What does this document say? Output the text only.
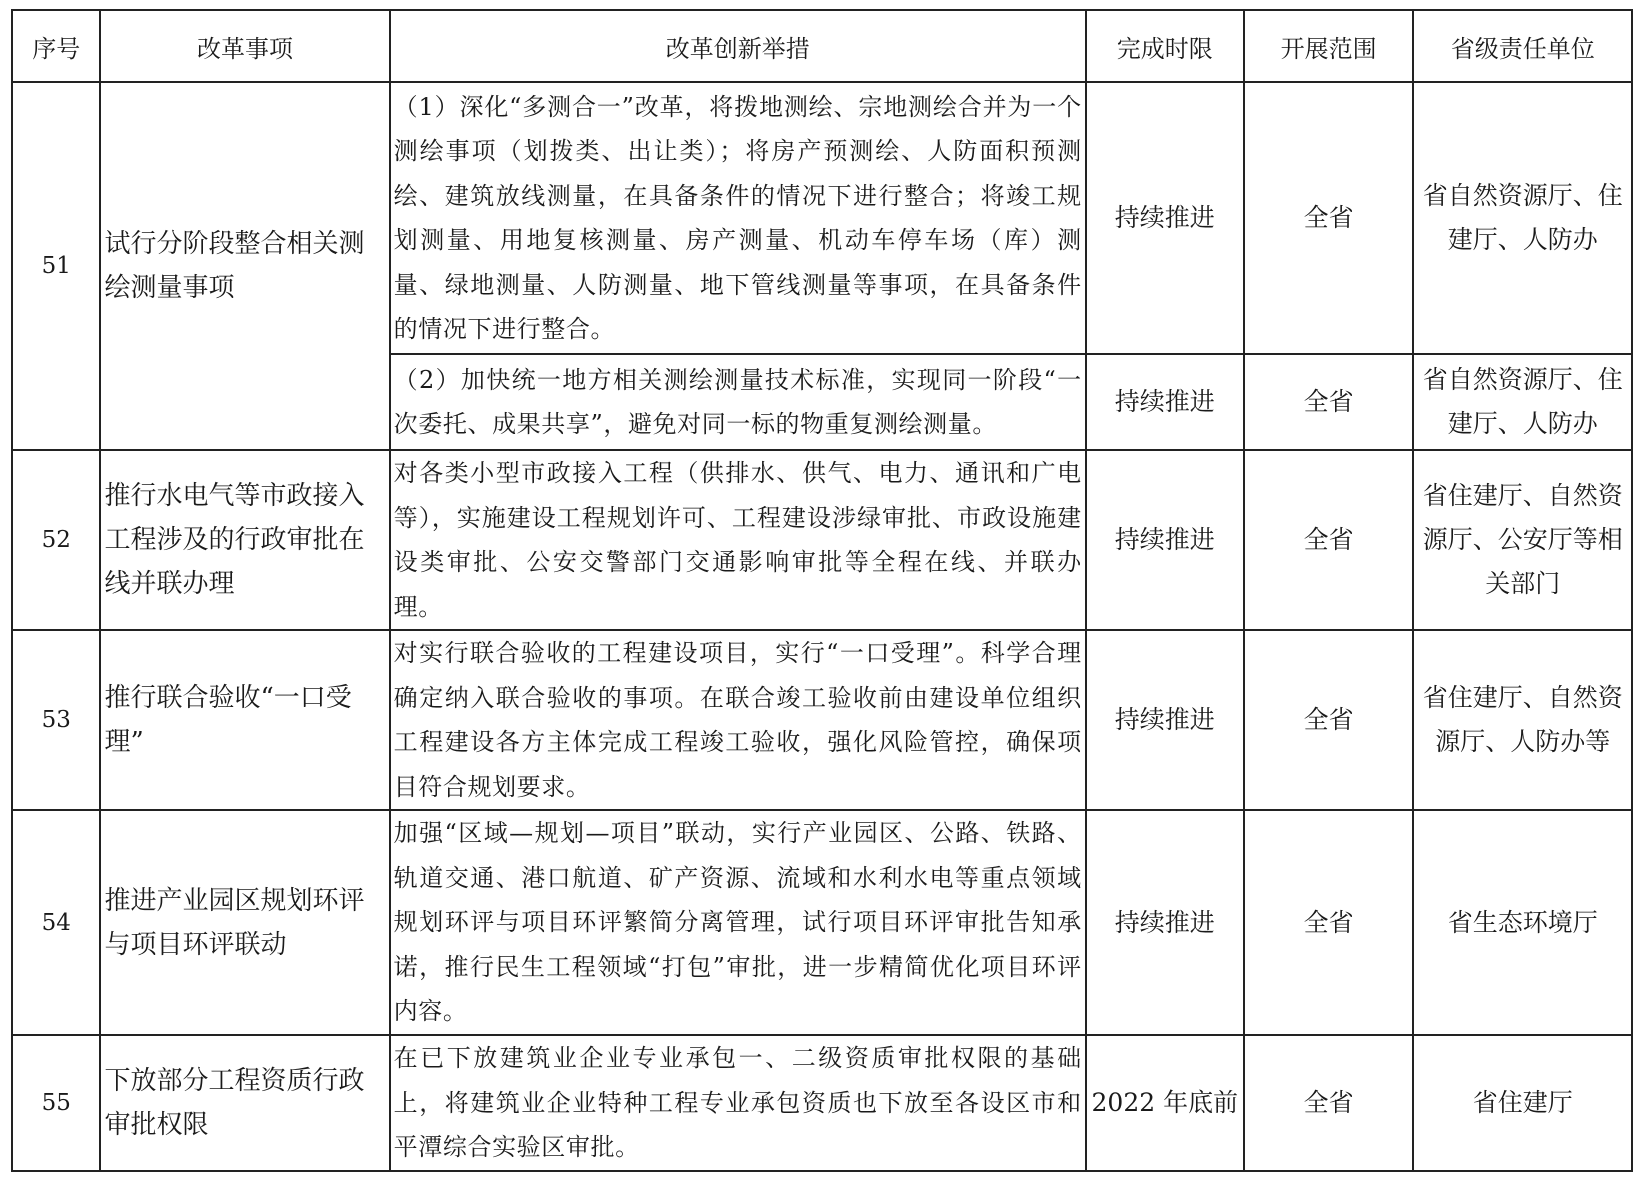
序号	改革事项	改革创新举措	完成时限	开展范围	省级责任单位
51	试行分阶段整合相关测绘测量事项	（1）深化“多测合一”改革，将拨地测绘、宗地测绘合并为一个测绘事项（划拨类、出让类）；将房产预测绘、人防面积预测绘、建筑放线测量，在具备条件的情况下进行整合；将竣工规划测量、用地复核测量、房产测量、机动车停车场（库）测量、绿地测量、人防测量、地下管线测量等事项，在具备条件的情况下进行整合。	持续推进	全省	省自然资源厅、住建厅、人防办
		（2）加快统一地方相关测绘测量技术标准，实现同一阶段“一次委托、成果共享”，避免对同一标的物重复测绘测量。	持续推进	全省	省自然资源厅、住建厅、人防办
52	推行水电气等市政接入工程涉及的行政审批在线并联办理	对各类小型市政接入工程（供排水、供气、电力、通讯和广电等），实施建设工程规划许可、工程建设涉绿审批、市政设施建设类审批、公安交警部门交通影响审批等全程在线、并联办理。	持续推进	全省	省住建厅、自然资源厅、公安厅等相关部门
53	推行联合验收“一口受理”	对实行联合验收的工程建设项目，实行“一口受理”。科学合理确定纳入联合验收的事项。在联合竣工验收前由建设单位组织工程建设各方主体完成工程竣工验收，强化风险管控，确保项目符合规划要求。	持续推进	全省	省住建厅、自然资源厅、人防办等
54	推进产业园区规划环评与项目环评联动	加强“区域—规划—项目”联动，实行产业园区、公路、铁路、轨道交通、港口航道、矿产资源、流域和水利水电等重点领域规划环评与项目环评繁简分离管理，试行项目环评审批告知承诺，推行民生工程领域“打包”审批，进一步精简优化项目环评内容。	持续推进	全省	省生态环境厅
55	下放部分工程资质行政审批权限	在已下放建筑业企业专业承包一、二级资质审批权限的基础上，将建筑业企业特种工程专业承包资质也下放至各设区市和平潭综合实验区审批。	2022 年底前	全省	省住建厅
